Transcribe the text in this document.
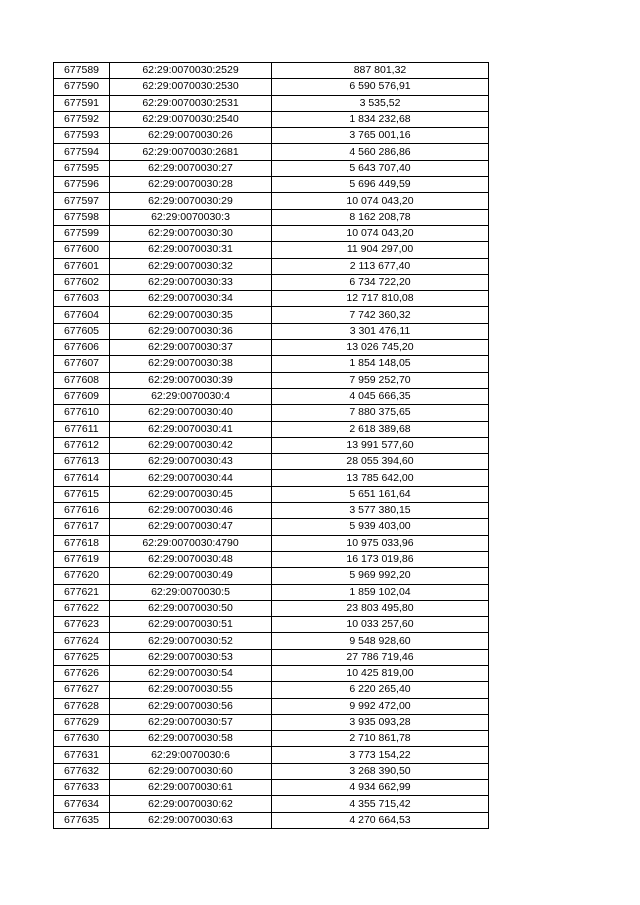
677589	62:29:0070030:2529	887 801,32
677590	62:29:0070030:2530	6 590 576,91
677591	62:29:0070030:2531	3 535,52
677592	62:29:0070030:2540	1 834 232,68
677593	62:29:0070030:26	3 765 001,16
677594	62:29:0070030:2681	4 560 286,86
677595	62:29:0070030:27	5 643 707,40
677596	62:29:0070030:28	5 696 449,59
677597	62:29:0070030:29	10 074 043,20
677598	62:29:0070030:3	8 162 208,78
677599	62:29:0070030:30	10 074 043,20
677600	62:29:0070030:31	11 904 297,00
677601	62:29:0070030:32	2 113 677,40
677602	62:29:0070030:33	6 734 722,20
677603	62:29:0070030:34	12 717 810,08
677604	62:29:0070030:35	7 742 360,32
677605	62:29:0070030:36	3 301 476,11
677606	62:29:0070030:37	13 026 745,20
677607	62:29:0070030:38	1 854 148,05
677608	62:29:0070030:39	7 959 252,70
677609	62:29:0070030:4	4 045 666,35
677610	62:29:0070030:40	7 880 375,65
677611	62:29:0070030:41	2 618 389,68
677612	62:29:0070030:42	13 991 577,60
677613	62:29:0070030:43	28 055 394,60
677614	62:29:0070030:44	13 785 642,00
677615	62:29:0070030:45	5 651 161,64
677616	62:29:0070030:46	3 577 380,15
677617	62:29:0070030:47	5 939 403,00
677618	62:29:0070030:4790	10 975 033,96
677619	62:29:0070030:48	16 173 019,86
677620	62:29:0070030:49	5 969 992,20
677621	62:29:0070030:5	1 859 102,04
677622	62:29:0070030:50	23 803 495,80
677623	62:29:0070030:51	10 033 257,60
677624	62:29:0070030:52	9 548 928,60
677625	62:29:0070030:53	27 786 719,46
677626	62:29:0070030:54	10 425 819,00
677627	62:29:0070030:55	6 220 265,40
677628	62:29:0070030:56	9 992 472,00
677629	62:29:0070030:57	3 935 093,28
677630	62:29:0070030:58	2 710 861,78
677631	62:29:0070030:6	3 773 154,22
677632	62:29:0070030:60	3 268 390,50
677633	62:29:0070030:61	4 934 662,99
677634	62:29:0070030:62	4 355 715,42
677635	62:29:0070030:63	4 270 664,53
